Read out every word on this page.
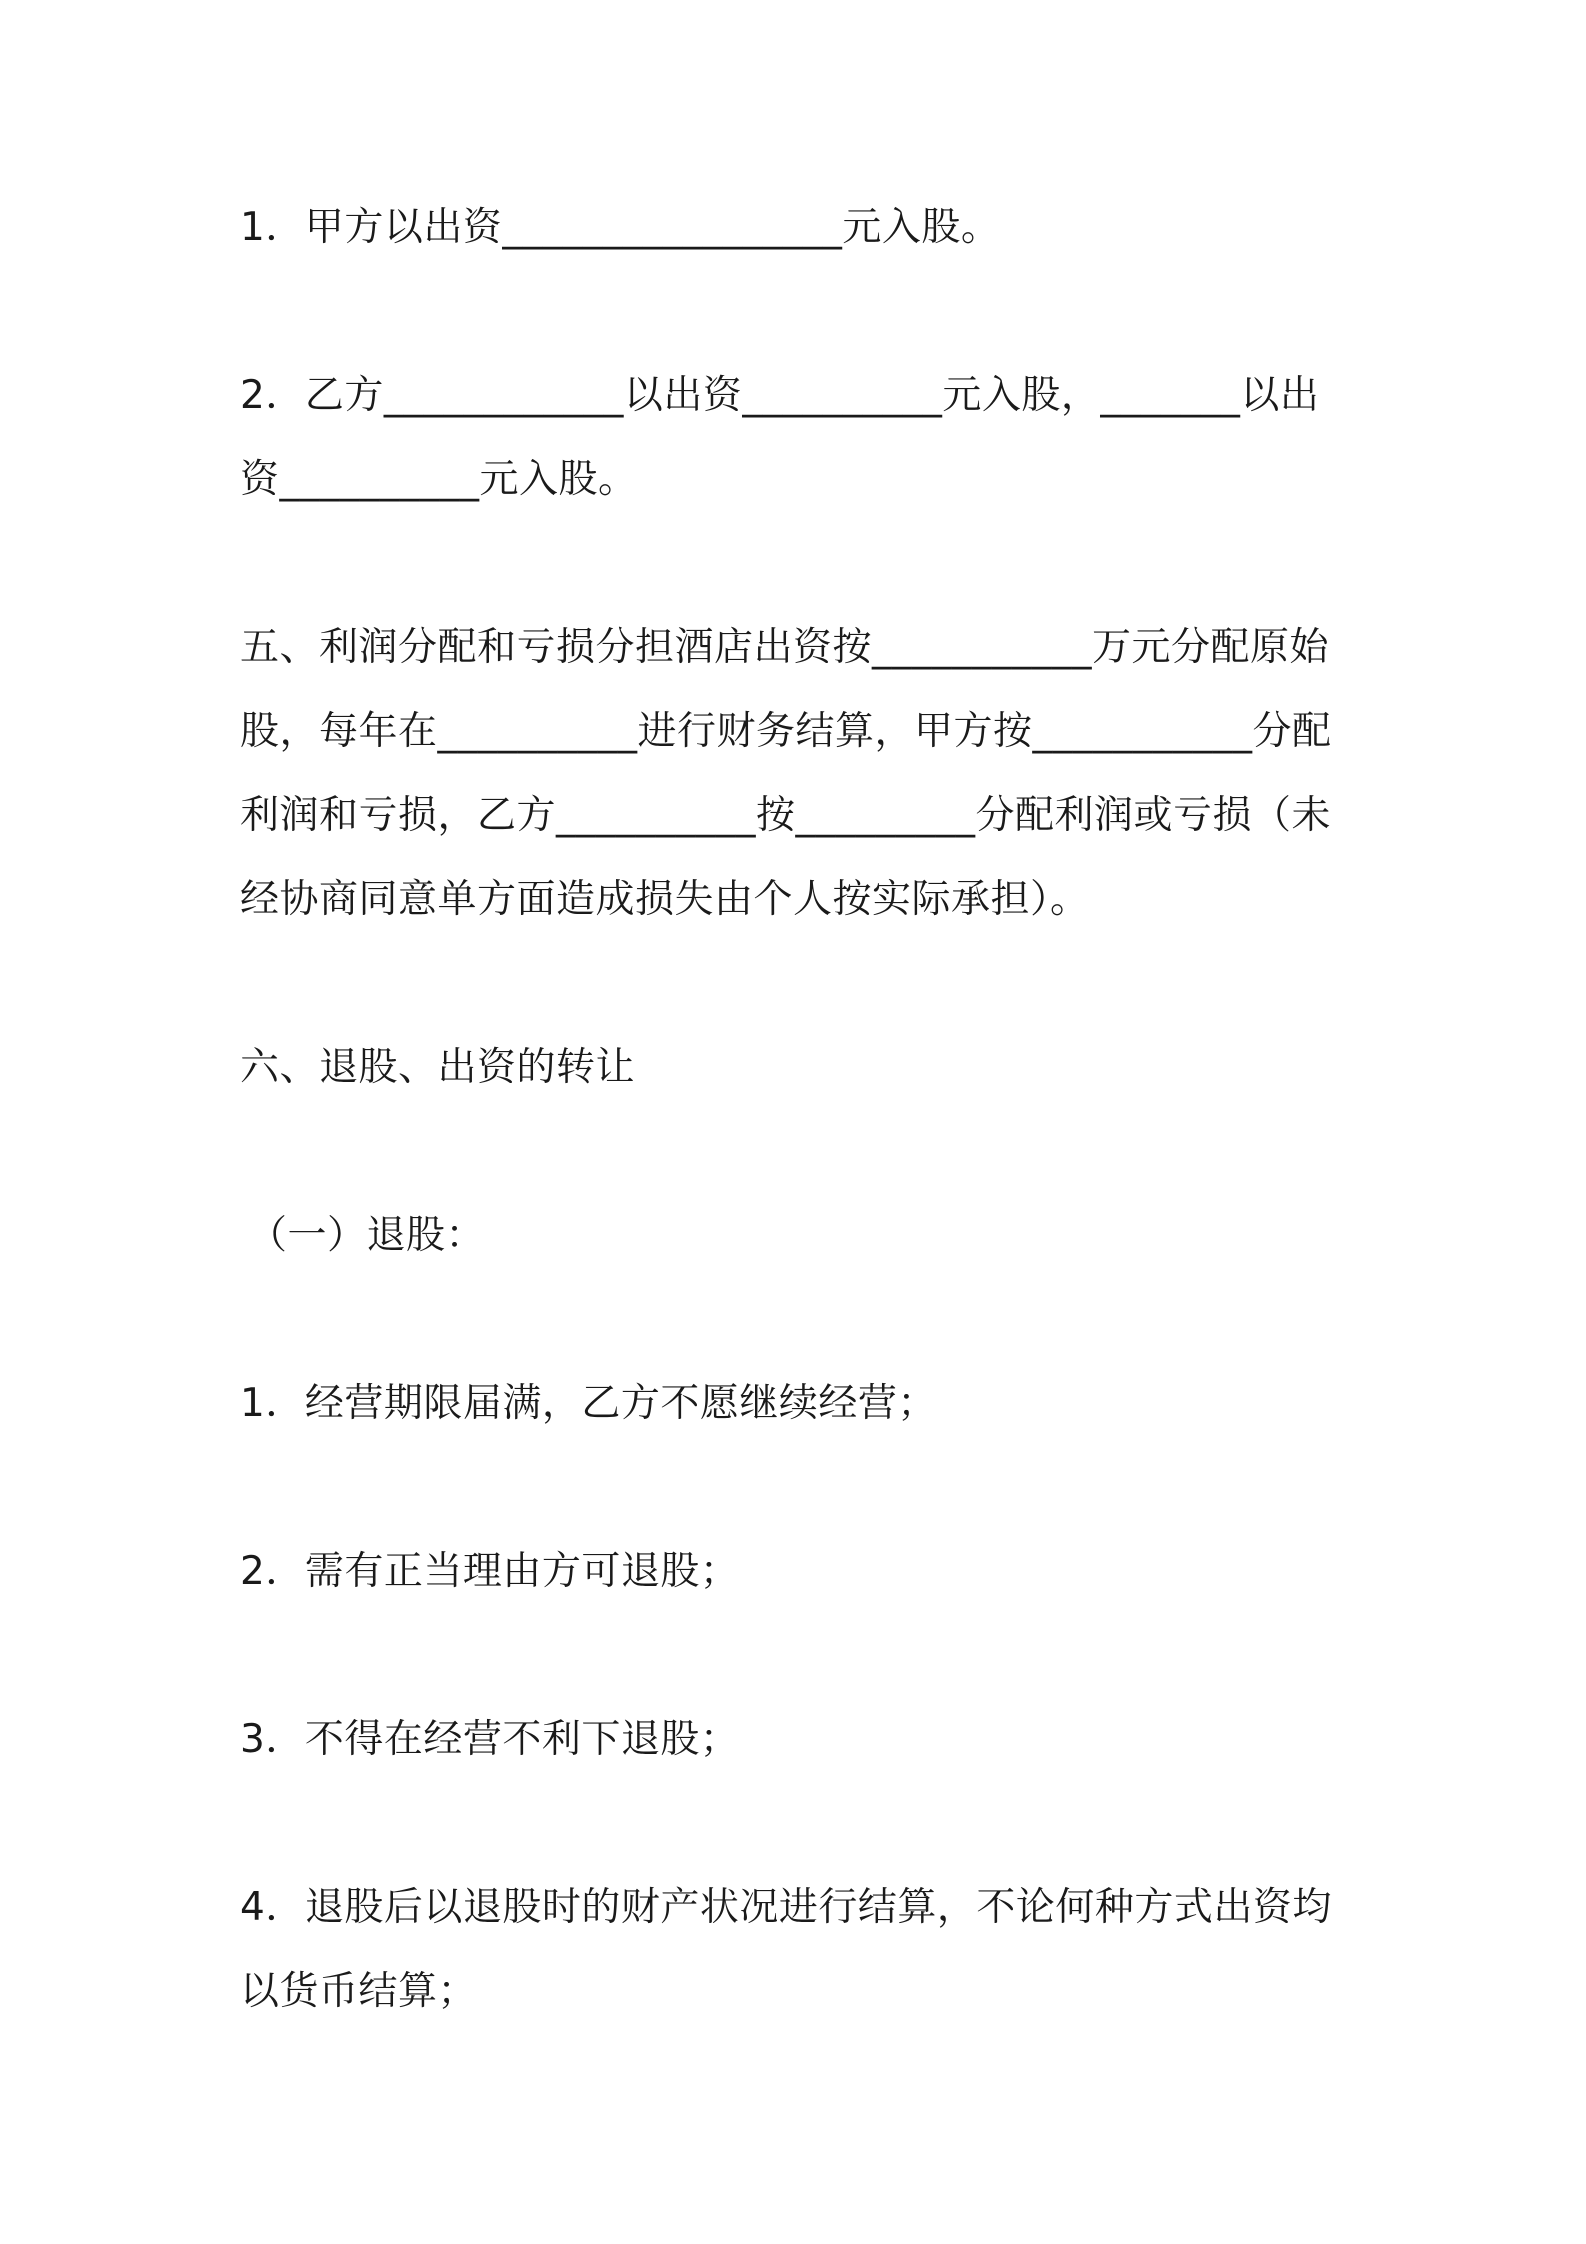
1．甲方以出资_________________元入股。

2．乙方____________以出资__________元入股，_______以出
资__________元入股。

五、利润分配和亏损分担酒店出资按___________万元分配原始
股，每年在__________进行财务结算，甲方按___________分配
利润和亏损，乙方__________按_________分配利润或亏损（未
经协商同意单方面造成损失由个人按实际承担）。

六、退股、出资的转让

（一）退股：

1．经营期限届满，乙方不愿继续经营；

2．需有正当理由方可退股；

3．不得在经营不利下退股；

4．退股后以退股时的财产状况进行结算，不论何种方式出资均
以货币结算；
